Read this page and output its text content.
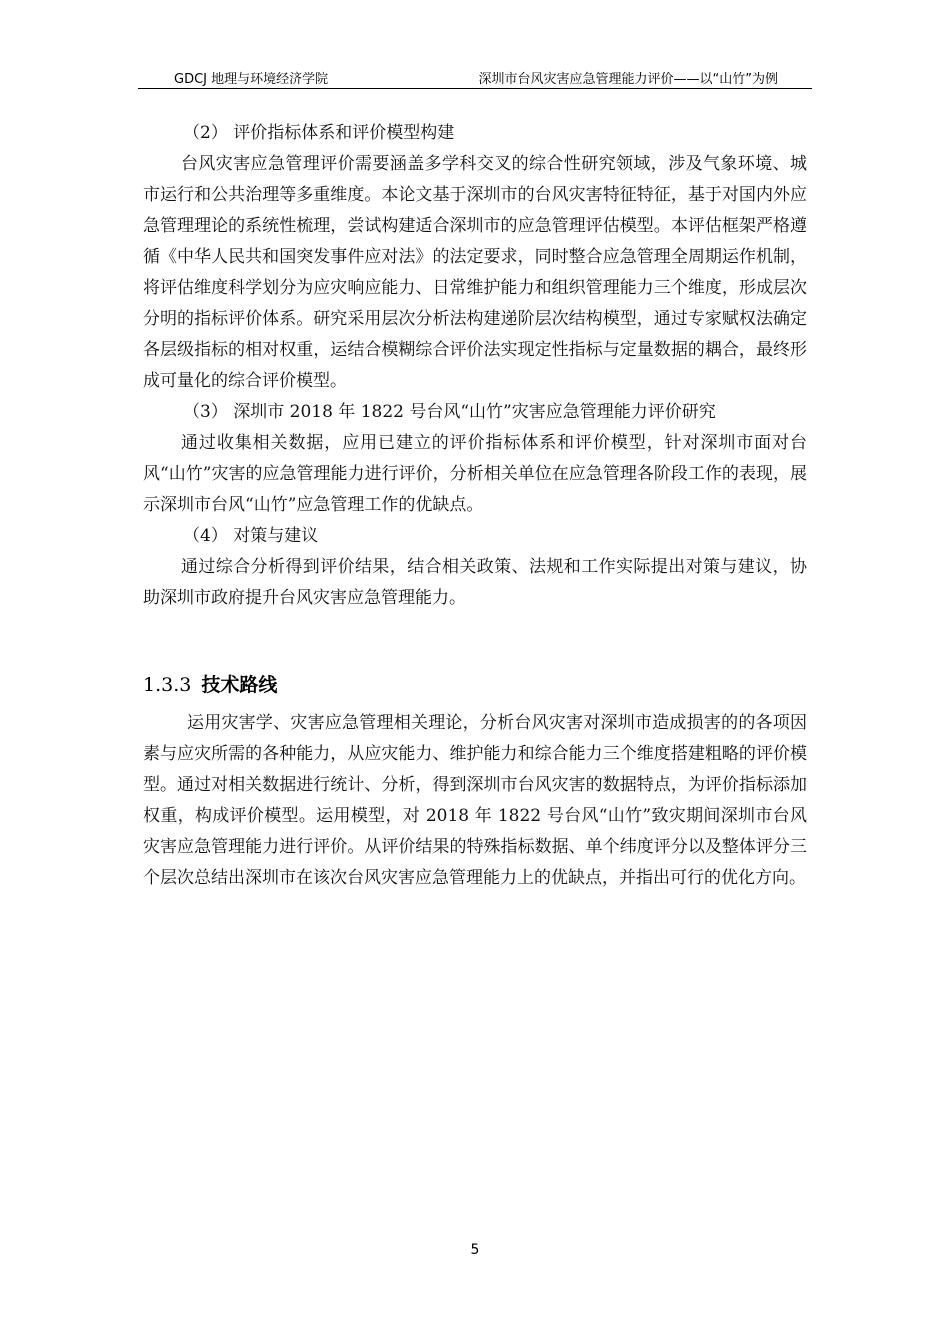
GDCJ 地理与环境经济学院	深圳市台风灾害应急管理能力评价——以“山竹”为例

（2） 评价指标体系和评价模型构建

台风灾害应急管理评价需要涵盖多学科交叉的综合性研究领域，涉及气象环境、城市运行和公共治理等多重维度。本论文基于深圳市的台风灾害特征特征，基于对国内外应急管理理论的系统性梳理，尝试构建适合深圳市的应急管理评估模型。本评估框架严格遵循《中华人民共和国突发事件应对法》的法定要求，同时整合应急管理全周期运作机制，将评估维度科学划分为应灾响应能力、日常维护能力和组织管理能力三个维度，形成层次分明的指标评价体系。研究采用层次分析法构建递阶层次结构模型，通过专家赋权法确定各层级指标的相对权重，运结合模糊综合评价法实现定性指标与定量数据的耦合，最终形成可量化的综合评价模型。

（3） 深圳市 2018 年 1822 号台风“山竹”灾害应急管理能力评价研究

通过收集相关数据，应用已建立的评价指标体系和评价模型，针对深圳市面对台风“山竹”灾害的应急管理能力进行评价，分析相关单位在应急管理各阶段工作的表现，展示深圳市台风“山竹”应急管理工作的优缺点。

（4） 对策与建议

通过综合分析得到评价结果，结合相关政策、法规和工作实际提出对策与建议，协助深圳市政府提升台风灾害应急管理能力。

1.3.3 技术路线

运用灾害学、灾害应急管理相关理论，分析台风灾害对深圳市造成损害的的各项因素与应灾所需的各种能力，从应灾能力、维护能力和综合能力三个维度搭建粗略的评价模型。通过对相关数据进行统计、分析，得到深圳市台风灾害的数据特点，为评价指标添加权重，构成评价模型。运用模型，对 2018 年 1822 号台风“山竹”致灾期间深圳市台风灾害应急管理能力进行评价。从评价结果的特殊指标数据、单个纬度评分以及整体评分三个层次总结出深圳市在该次台风灾害应急管理能力上的优缺点，并指出可行的优化方向。

5
